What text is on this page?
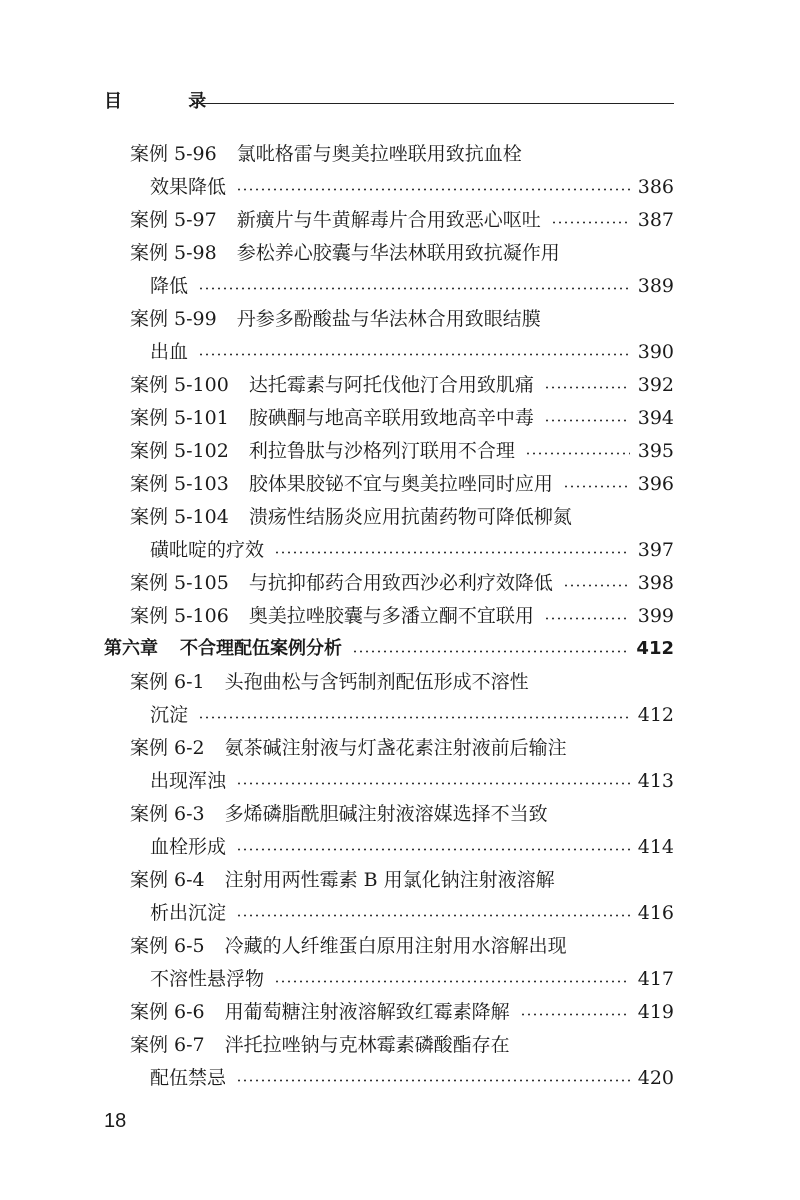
目 录
案例 5-96 氯吡格雷与奥美拉唑联用致抗血栓
效果降低	386
案例 5-97 新癀片与牛黄解毒片合用致恶心呕吐	387
案例 5-98 参松养心胶囊与华法林联用致抗凝作用
降低	389
案例 5-99 丹参多酚酸盐与华法林合用致眼结膜
出血	390
案例 5-100 达托霉素与阿托伐他汀合用致肌痛	392
案例 5-101 胺碘酮与地高辛联用致地高辛中毒	394
案例 5-102 利拉鲁肽与沙格列汀联用不合理	395
案例 5-103 胶体果胶铋不宜与奥美拉唑同时应用	396
案例 5-104 溃疡性结肠炎应用抗菌药物可降低柳氮
磺吡啶的疗效	397
案例 5-105 与抗抑郁药合用致西沙必利疗效降低	398
案例 5-106 奥美拉唑胶囊与多潘立酮不宜联用	399
第六章 不合理配伍案例分析	412
案例 6-1 头孢曲松与含钙制剂配伍形成不溶性
沉淀	412
案例 6-2 氨茶碱注射液与灯盏花素注射液前后输注
出现浑浊	413
案例 6-3 多烯磷脂酰胆碱注射液溶媒选择不当致
血栓形成	414
案例 6-4 注射用两性霉素 B 用氯化钠注射液溶解
析出沉淀	416
案例 6-5 冷藏的人纤维蛋白原用注射用水溶解出现
不溶性悬浮物	417
案例 6-6 用葡萄糖注射液溶解致红霉素降解	419
案例 6-7 泮托拉唑钠与克林霉素磷酸酯存在
配伍禁忌	420
18
